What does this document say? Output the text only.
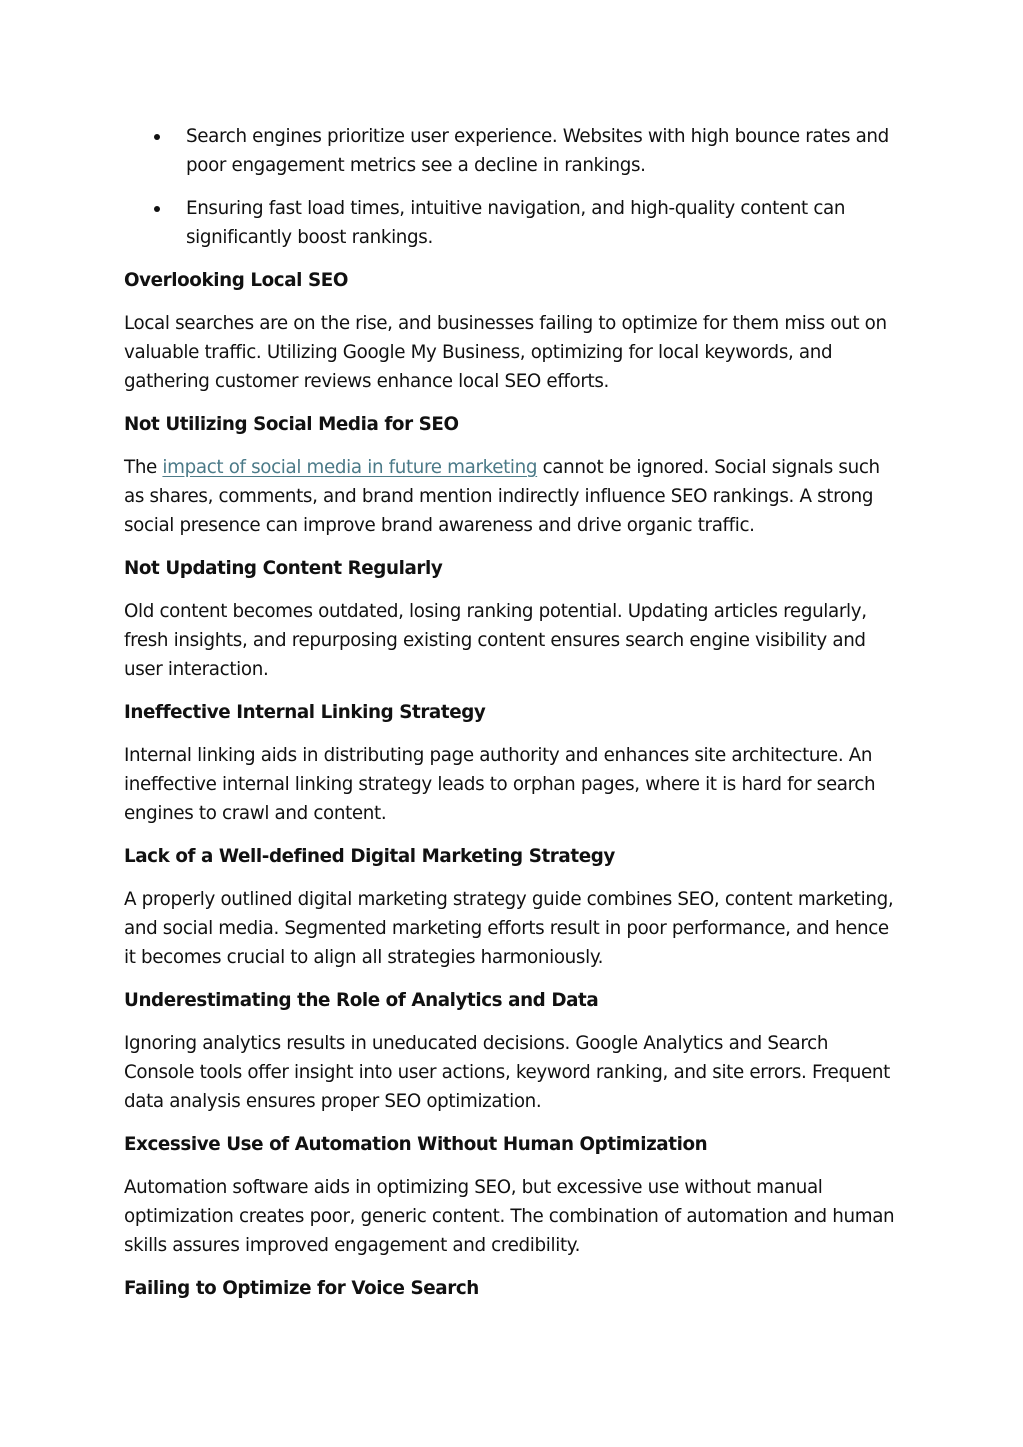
Search engines prioritize user experience. Websites with high bounce rates and poor engagement metrics see a decline in rankings.
Ensuring fast load times, intuitive navigation, and high-quality content can significantly boost rankings.
Overlooking Local SEO

Local searches are on the rise, and businesses failing to optimize for them miss out on valuable traffic. Utilizing Google My Business, optimizing for local keywords, and gathering customer reviews enhance local SEO efforts.

Not Utilizing Social Media for SEO

The impact of social media in future marketing cannot be ignored. Social signals such as shares, comments, and brand mention indirectly influence SEO rankings. A strong social presence can improve brand awareness and drive organic traffic.

Not Updating Content Regularly

Old content becomes outdated, losing ranking potential. Updating articles regularly, fresh insights, and repurposing existing content ensures search engine visibility and user interaction.

Ineffective Internal Linking Strategy

Internal linking aids in distributing page authority and enhances site architecture. An ineffective internal linking strategy leads to orphan pages, where it is hard for search engines to crawl and content.

Lack of a Well-defined Digital Marketing Strategy

A properly outlined digital marketing strategy guide combines SEO, content marketing, and social media. Segmented marketing efforts result in poor performance, and hence it becomes crucial to align all strategies harmoniously.

Underestimating the Role of Analytics and Data

Ignoring analytics results in uneducated decisions. Google Analytics and Search Console tools offer insight into user actions, keyword ranking, and site errors. Frequent data analysis ensures proper SEO optimization.

Excessive Use of Automation Without Human Optimization

Automation software aids in optimizing SEO, but excessive use without manual optimization creates poor, generic content. The combination of automation and human skills assures improved engagement and credibility.

Failing to Optimize for Voice Search
